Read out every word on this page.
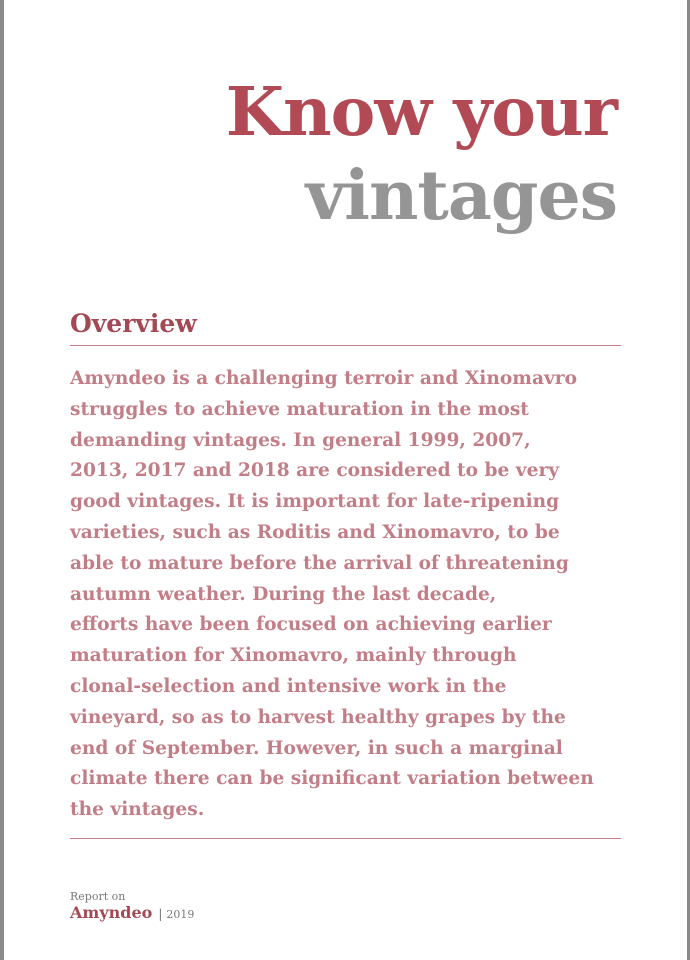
Know your
vintages
Overview

Amyndeo is a challenging terroir and Xinomavro
struggles to achieve maturation in the most
demanding vintages. In general 1999, 2007,
2013, 2017 and 2018 are considered to be very
good vintages. It is important for late-ripening
varieties, such as Roditis and Xinomavro, to be
able to mature before the arrival of threatening
autumn weather. During the last decade,
efforts have been focused on achieving earlier
maturation for Xinomavro, mainly through
clonal-selection and intensive work in the
vineyard, so as to harvest healthy grapes by the
end of September. However, in such a marginal
climate there can be significant variation between
the vintages.

Report on
Amyndeo | 2019
